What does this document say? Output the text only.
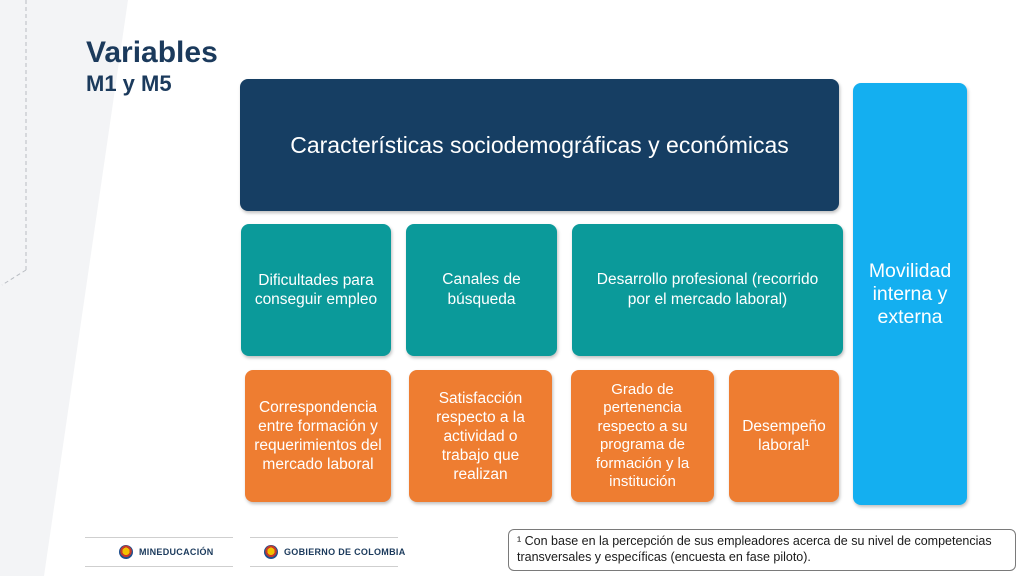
Variables
M1 y M5
Características sociodemográficas y económicas
Dificultades para conseguir empleo
Canales de búsqueda
Desarrollo profesional (recorrido por el mercado laboral)
Correspondencia entre formación y requerimientos del mercado laboral
Satisfacción respecto a la actividad o trabajo que realizan
Grado de pertenencia respecto a su programa de formación y la institución
Desempeño laboral¹
Movilidad interna y externa
¹ Con base en la percepción de sus empleadores acerca de su nivel de competencias transversales y específicas (encuesta en fase piloto).
MINEDUCACIÓN	GOBIERNO DE COLOMBIA
